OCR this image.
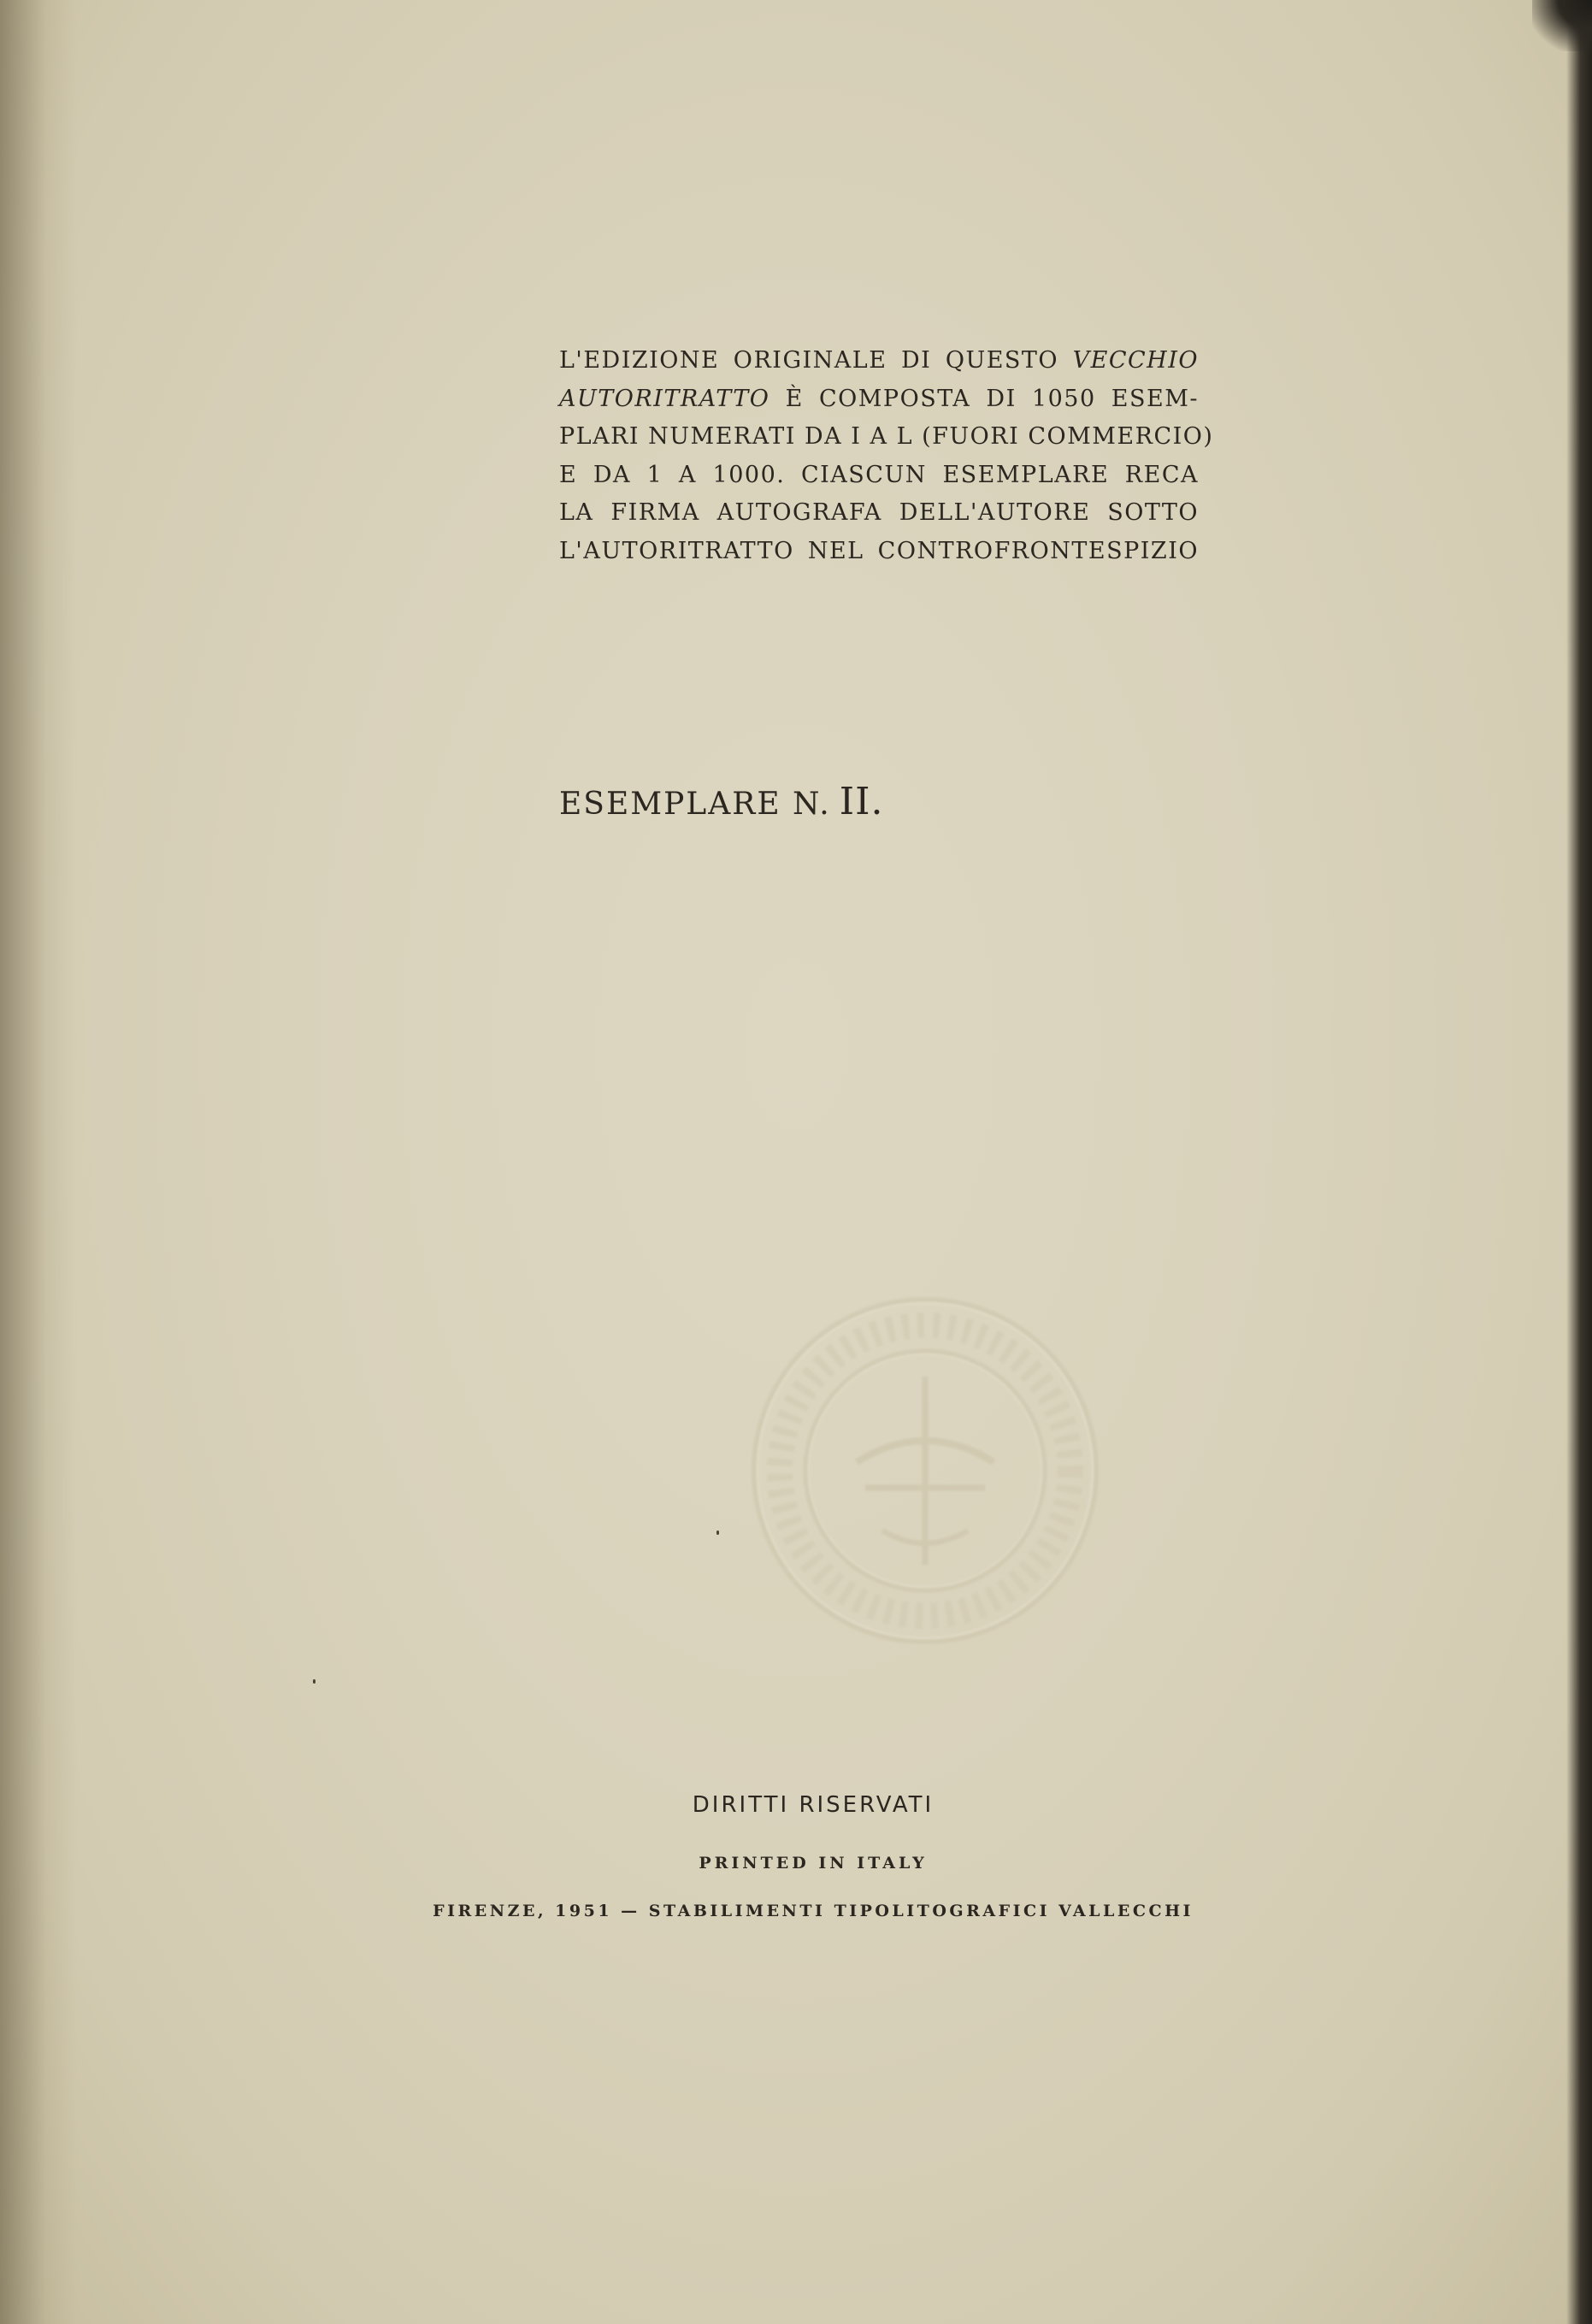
L'EDIZIONE ORIGINALE DI QUESTO VECCHIO
AUTORITRATTO È COMPOSTA DI 1050 ESEM-
PLARI NUMERATI DA I A L (FUORI COMMERCIO)
E DA 1 A 1000. CIASCUN ESEMPLARE RECA
LA FIRMA AUTOGRAFA DELL'AUTORE SOTTO
L'AUTORITRATTO NEL CONTROFRONTESPIZIO
ESEMPLARE N. II.
DIRITTI RISERVATI
PRINTED IN ITALY
FIRENZE, 1951 — STABILIMENTI TIPOLITOGRAFICI VALLECCHI
